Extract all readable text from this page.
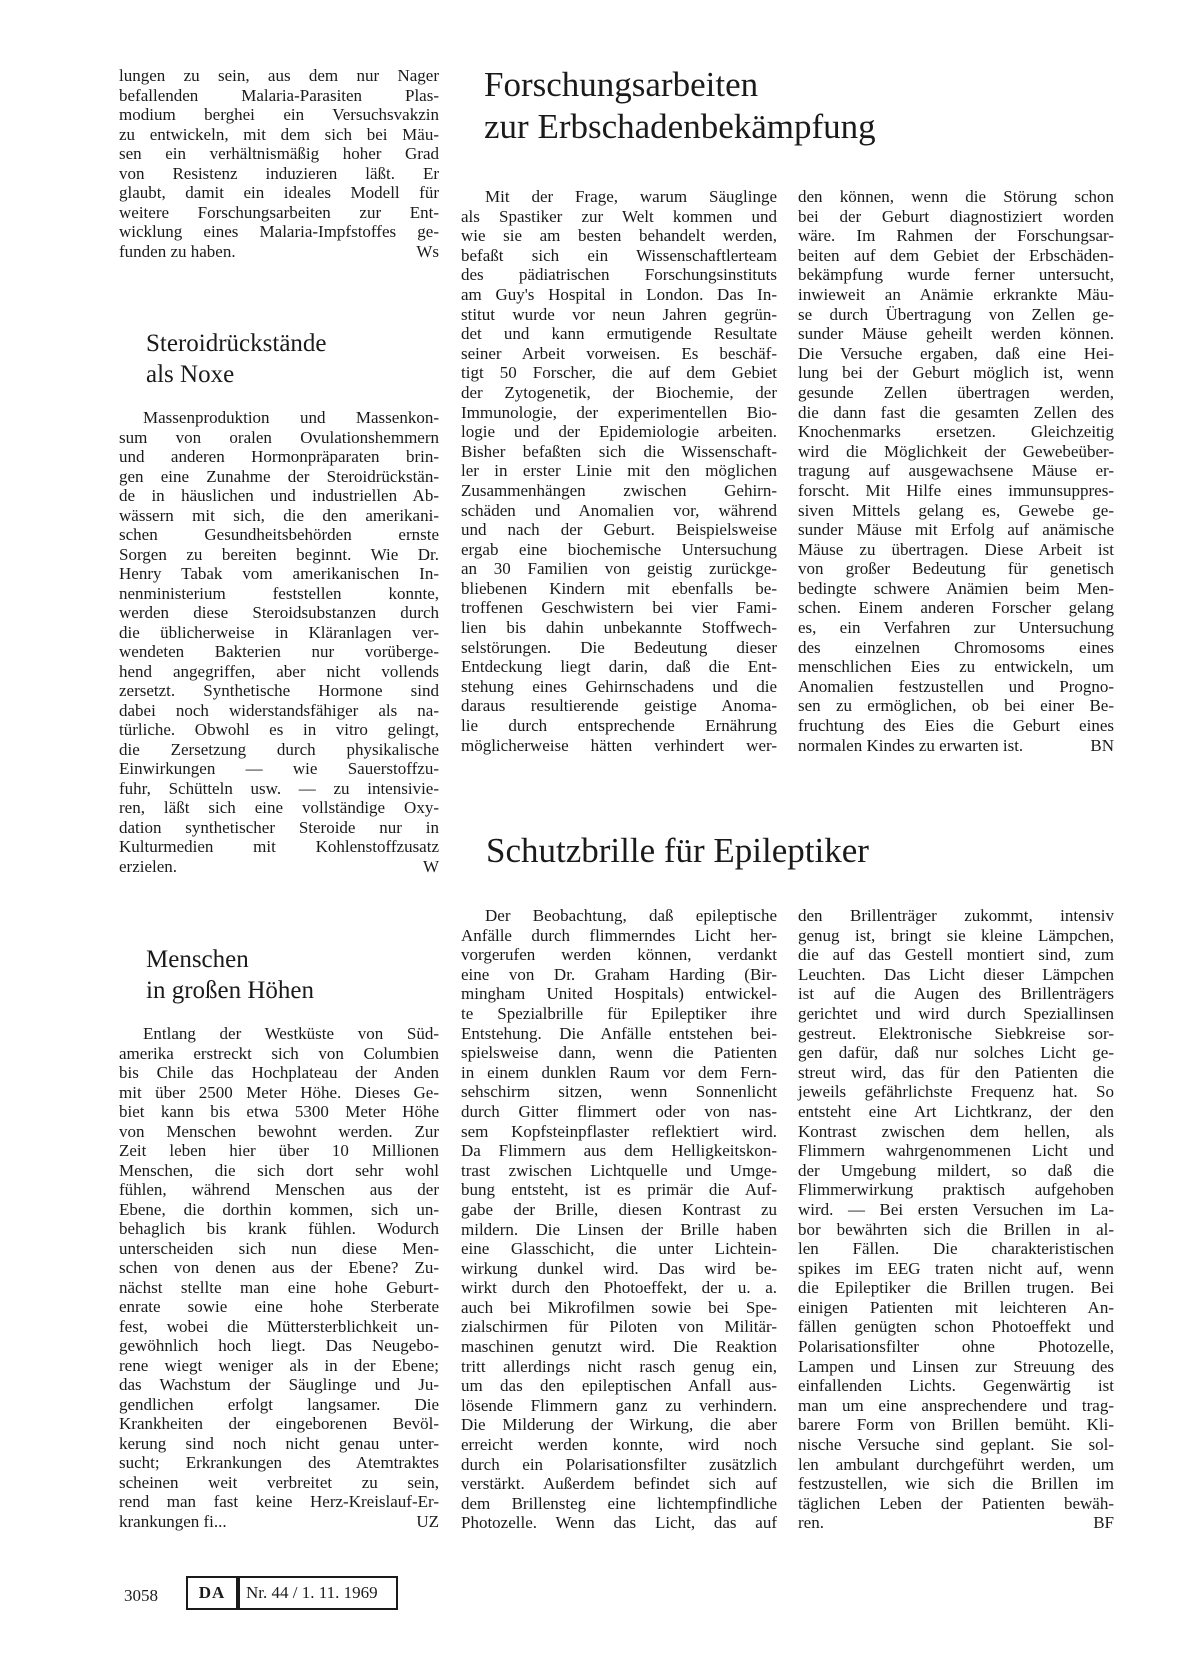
lungen zu sein, aus dem nur Nager
befallenden Malaria-Parasiten Plas-
modium berghei ein Versuchsvakzin
zu entwickeln, mit dem sich bei Mäu-
sen ein verhältnismäßig hoher Grad
von Resistenz induzieren läßt. Er
glaubt, damit ein ideales Modell für
weitere Forschungsarbeiten zur Ent-
wicklung eines Malaria-Impfstoffes ge-
funden zu haben.	Ws
Steroidrückstände
als Noxe
Massenproduktion und Massenkon-
sum von oralen Ovulationshemmern
und anderen Hormonpräparaten brin-
gen eine Zunahme der Steroidrückstän-
de in häuslichen und industriellen Ab-
wässern mit sich, die den amerikani-
schen Gesundheitsbehörden ernste
Sorgen zu bereiten beginnt. Wie Dr.
Henry Tabak vom amerikanischen In-
nenministerium feststellen konnte,
werden diese Steroidsubstanzen durch
die üblicherweise in Kläranlagen ver-
wendeten Bakterien nur vorüberge-
hend angegriffen, aber nicht vollends
zersetzt. Synthetische Hormone sind
dabei noch widerstandsfähiger als na-
türliche. Obwohl es in vitro gelingt,
die Zersetzung durch physikalische
Einwirkungen — wie Sauerstoffzu-
fuhr, Schütteln usw. — zu intensivie-
ren, läßt sich eine vollständige Oxy-
dation synthetischer Steroide nur in
Kulturmedien mit Kohlenstoffzusatz
erzielen.	W
Menschen
in großen Höhen
Entlang der Westküste von Süd-
amerika erstreckt sich von Columbien
bis Chile das Hochplateau der Anden
mit über 2500 Meter Höhe. Dieses Ge-
biet kann bis etwa 5300 Meter Höhe
von Menschen bewohnt werden. Zur
Zeit leben hier über 10 Millionen
Menschen, die sich dort sehr wohl
fühlen, während Menschen aus der
Ebene, die dorthin kommen, sich un-
behaglich bis krank fühlen. Wodurch
unterscheiden sich nun diese Men-
schen von denen aus der Ebene? Zu-
nächst stellte man eine hohe Geburt-
enrate sowie eine hohe Sterberate
fest, wobei die Müttersterblichkeit un-
gewöhnlich hoch liegt. Das Neugebo-
rene wiegt weniger als in der Ebene;
das Wachstum der Säuglinge und Ju-
gendlichen erfolgt langsamer. Die
Krankheiten der eingeborenen Bevöl-
kerung sind noch nicht genau unter-
sucht; Erkrankungen des Atemtraktes
scheinen weit verbreitet zu sein,
rend man fast keine Herz-Kreislauf-Er-
krankungen fi...	UZ
Forschungsarbeiten
zur Erbschadenbekämpfung
Mit der Frage, warum Säuglinge
als Spastiker zur Welt kommen und
wie sie am besten behandelt werden,
befaßt sich ein Wissenschaftlerteam
des pädiatrischen Forschungsinstituts
am Guy's Hospital in London. Das In-
stitut wurde vor neun Jahren gegrün-
det und kann ermutigende Resultate
seiner Arbeit vorweisen. Es beschäf-
tigt 50 Forscher, die auf dem Gebiet
der Zytogenetik, der Biochemie, der
Immunologie, der experimentellen Bio-
logie und der Epidemiologie arbeiten.
Bisher befaßten sich die Wissenschaft-
ler in erster Linie mit den möglichen
Zusammenhängen zwischen Gehirn-
schäden und Anomalien vor, während
und nach der Geburt. Beispielsweise
ergab eine biochemische Untersuchung
an 30 Familien von geistig zurückge-
bliebenen Kindern mit ebenfalls be-
troffenen Geschwistern bei vier Fami-
lien bis dahin unbekannte Stoffwech-
selstörungen. Die Bedeutung dieser
Entdeckung liegt darin, daß die Ent-
stehung eines Gehirnschadens und die
daraus resultierende geistige Anoma-
lie durch entsprechende Ernährung
möglicherweise hätten verhindert wer-
den können, wenn die Störung schon
bei der Geburt diagnostiziert worden
wäre. Im Rahmen der Forschungsar-
beiten auf dem Gebiet der Erbschäden-
bekämpfung wurde ferner untersucht,
inwieweit an Anämie erkrankte Mäu-
se durch Übertragung von Zellen ge-
sunder Mäuse geheilt werden können.
Die Versuche ergaben, daß eine Hei-
lung bei der Geburt möglich ist, wenn
gesunde Zellen übertragen werden,
die dann fast die gesamten Zellen des
Knochenmarks ersetzen. Gleichzeitig
wird die Möglichkeit der Gewebeüber-
tragung auf ausgewachsene Mäuse er-
forscht. Mit Hilfe eines immunsuppres-
siven Mittels gelang es, Gewebe ge-
sunder Mäuse mit Erfolg auf anämische
Mäuse zu übertragen. Diese Arbeit ist
von großer Bedeutung für genetisch
bedingte schwere Anämien beim Men-
schen. Einem anderen Forscher gelang
es, ein Verfahren zur Untersuchung
des einzelnen Chromosoms eines
menschlichen Eies zu entwickeln, um
Anomalien festzustellen und Progno-
sen zu ermöglichen, ob bei einer Be-
fruchtung des Eies die Geburt eines
normalen Kindes zu erwarten ist.	BN
Schutzbrille für Epileptiker
Der Beobachtung, daß epileptische
Anfälle durch flimmerndes Licht her-
vorgerufen werden können, verdankt
eine von Dr. Graham Harding (Bir-
mingham United Hospitals) entwickel-
te Spezialbrille für Epileptiker ihre
Entstehung. Die Anfälle entstehen bei-
spielsweise dann, wenn die Patienten
in einem dunklen Raum vor dem Fern-
sehschirm sitzen, wenn Sonnenlicht
durch Gitter flimmert oder von nas-
sem Kopfsteinpflaster reflektiert wird.
Da Flimmern aus dem Helligkeitskon-
trast zwischen Lichtquelle und Umge-
bung entsteht, ist es primär die Auf-
gabe der Brille, diesen Kontrast zu
mildern. Die Linsen der Brille haben
eine Glasschicht, die unter Lichtein-
wirkung dunkel wird. Das wird be-
wirkt durch den Photoeffekt, der u. a.
auch bei Mikrofilmen sowie bei Spe-
zialschirmen für Piloten von Militär-
maschinen genutzt wird. Die Reaktion
tritt allerdings nicht rasch genug ein,
um das den epileptischen Anfall aus-
lösende Flimmern ganz zu verhindern.
Die Milderung der Wirkung, die aber
erreicht werden konnte, wird noch
durch ein Polarisationsfilter zusätzlich
verstärkt. Außerdem befindet sich auf
dem Brillensteg eine lichtempfindliche
Photozelle. Wenn das Licht, das auf
den Brillenträger zukommt, intensiv
genug ist, bringt sie kleine Lämpchen,
die auf das Gestell montiert sind, zum
Leuchten. Das Licht dieser Lämpchen
ist auf die Augen des Brillenträgers
gerichtet und wird durch Speziallinsen
gestreut. Elektronische Siebkreise sor-
gen dafür, daß nur solches Licht ge-
streut wird, das für den Patienten die
jeweils gefährlichste Frequenz hat. So
entsteht eine Art Lichtkranz, der den
Kontrast zwischen dem hellen, als
Flimmern wahrgenommenen Licht und
der Umgebung mildert, so daß die
Flimmerwirkung praktisch aufgehoben
wird. — Bei ersten Versuchen im La-
bor bewährten sich die Brillen in al-
len Fällen. Die charakteristischen
spikes im EEG traten nicht auf, wenn
die Epileptiker die Brillen trugen. Bei
einigen Patienten mit leichteren An-
fällen genügten schon Photoeffekt und
Polarisationsfilter ohne Photozelle,
Lampen und Linsen zur Streuung des
einfallenden Lichts. Gegenwärtig ist
man um eine ansprechendere und trag-
barere Form von Brillen bemüht. Kli-
nische Versuche sind geplant. Sie sol-
len ambulant durchgeführt werden, um
festzustellen, wie sich die Brillen im
täglichen Leben der Patienten bewäh-
ren.	BF
3058	DA	Nr. 44 / 1. 11. 1969
